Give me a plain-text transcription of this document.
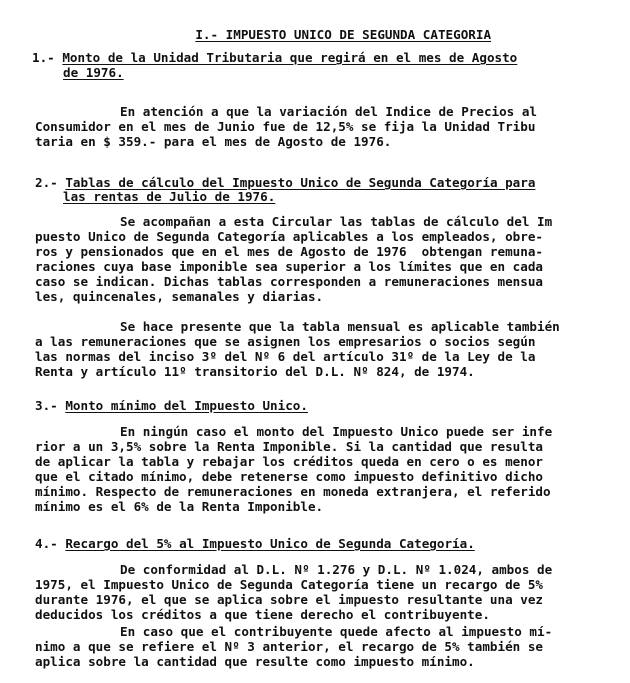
I.- IMPUESTO UNICO DE SEGUNDA CATEGORIA

1.- Monto de la Unidad Tributaria que regirá en el mes de Agosto
de 1976.
En atención a que la variación del Indice de Precios al
Consumidor en el mes de Junio fue de 12,5% se fija la Unidad Tribu
taria en $ 359.- para el mes de Agosto de 1976.
2.- Tablas de cálculo del Impuesto Unico de Segunda Categoría para
las rentas de Julio de 1976.
Se acompañan a esta Circular las tablas de cálculo del Im
puesto Unico de Segunda Categoría aplicables a los empleados, obre-
ros y pensionados que en el mes de Agosto de 1976  obtengan remuna-
raciones cuya base imponible sea superior a los límites que en cada
caso se indican. Dichas tablas corresponden a remuneraciones mensua
les, quincenales, semanales y diarias.
Se hace presente que la tabla mensual es aplicable también
a las remuneraciones que se asignen los empresarios o socios según
las normas del inciso 3º del Nº 6 del artículo 31º de la Ley de la
Renta y artículo 11º transitorio del D.L. Nº 824, de 1974.
3.- Monto mínimo del Impuesto Unico.
En ningún caso el monto del Impuesto Unico puede ser infe
rior a un 3,5% sobre la Renta Imponible. Si la cantidad que resulta
de aplicar la tabla y rebajar los créditos queda en cero o es menor
que el citado mínimo, debe retenerse como impuesto definitivo dicho
mínimo. Respecto de remuneraciones en moneda extranjera, el referido
mínimo es el 6% de la Renta Imponible.
4.- Recargo del 5% al Impuesto Unico de Segunda Categoría.
De conformidad al D.L. Nº 1.276 y D.L. Nº 1.024, ambos de
1975, el Impuesto Unico de Segunda Categoría tiene un recargo de 5%
durante 1976, el que se aplica sobre el impuesto resultante una vez
deducidos los créditos a que tiene derecho el contribuyente.
En caso que el contribuyente quede afecto al impuesto mí-
nimo a que se refiere el Nº 3 anterior, el recargo de 5% también se
aplica sobre la cantidad que resulte como impuesto mínimo.
